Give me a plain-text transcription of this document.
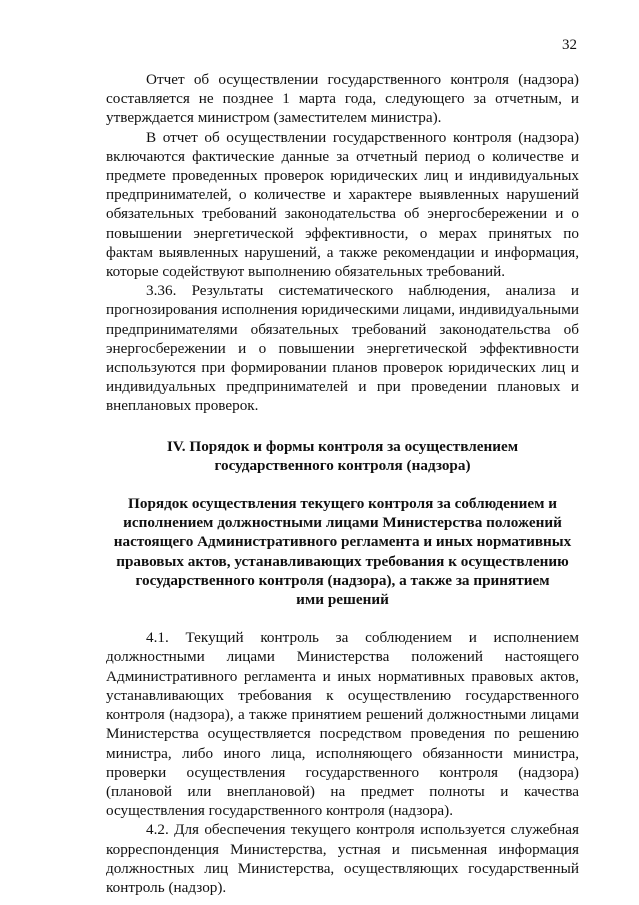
32

Отчет об осуществлении государственного контроля (надзора) составляется не позднее 1 марта года, следующего за отчетным, и утверждается министром (заместителем министра).

В отчет об осуществлении государственного контроля (надзора) включаются фактические данные за отчетный период о количестве и предмете проведенных проверок юридических лиц и индивидуальных предпринимателей, о количестве и характере выявленных нарушений обязательных требований законодательства об энергосбережении и о повышении энергетической эффективности, о мерах принятых по фактам выявленных нарушений, а также рекомендации и информация, которые содействуют выполнению обязательных требований.

3.36. Результаты систематического наблюдения, анализа и прогнозирования исполнения юридическими лицами, индивидуальными предпринимателями обязательных требований законодательства об энергосбережении и о повышении энергетической эффективности используются при формировании планов проверок юридических лиц и индивидуальных предпринимателей и при проведении плановых и внеплановых проверок.

IV. Порядок и формы контроля за осуществлением
государственного контроля (надзора)
Порядок осуществления текущего контроля за соблюдением и
исполнением должностными лицами Министерства положений
настоящего Административного регламента и иных нормативных
правовых актов, устанавливающих требования к осуществлению
государственного контроля (надзора), а также за принятием
ими решений

4.1. Текущий контроль за соблюдением и исполнением должностными лицами Министерства положений настоящего Административного регламента и иных нормативных правовых актов, устанавливающих требования к осуществлению государственного контроля (надзора), а также принятием решений должностными лицами Министерства осуществляется посредством проведения по решению министра, либо иного лица, исполняющего обязанности министра, проверки осуществления государственного контроля (надзора) (плановой или внеплановой) на предмет полноты и качества осуществления государственного контроля (надзора).

4.2. Для обеспечения текущего контроля используется служебная корреспонденция Министерства, устная и письменная информация должностных лиц Министерства, осуществляющих государственный контроль (надзор).
